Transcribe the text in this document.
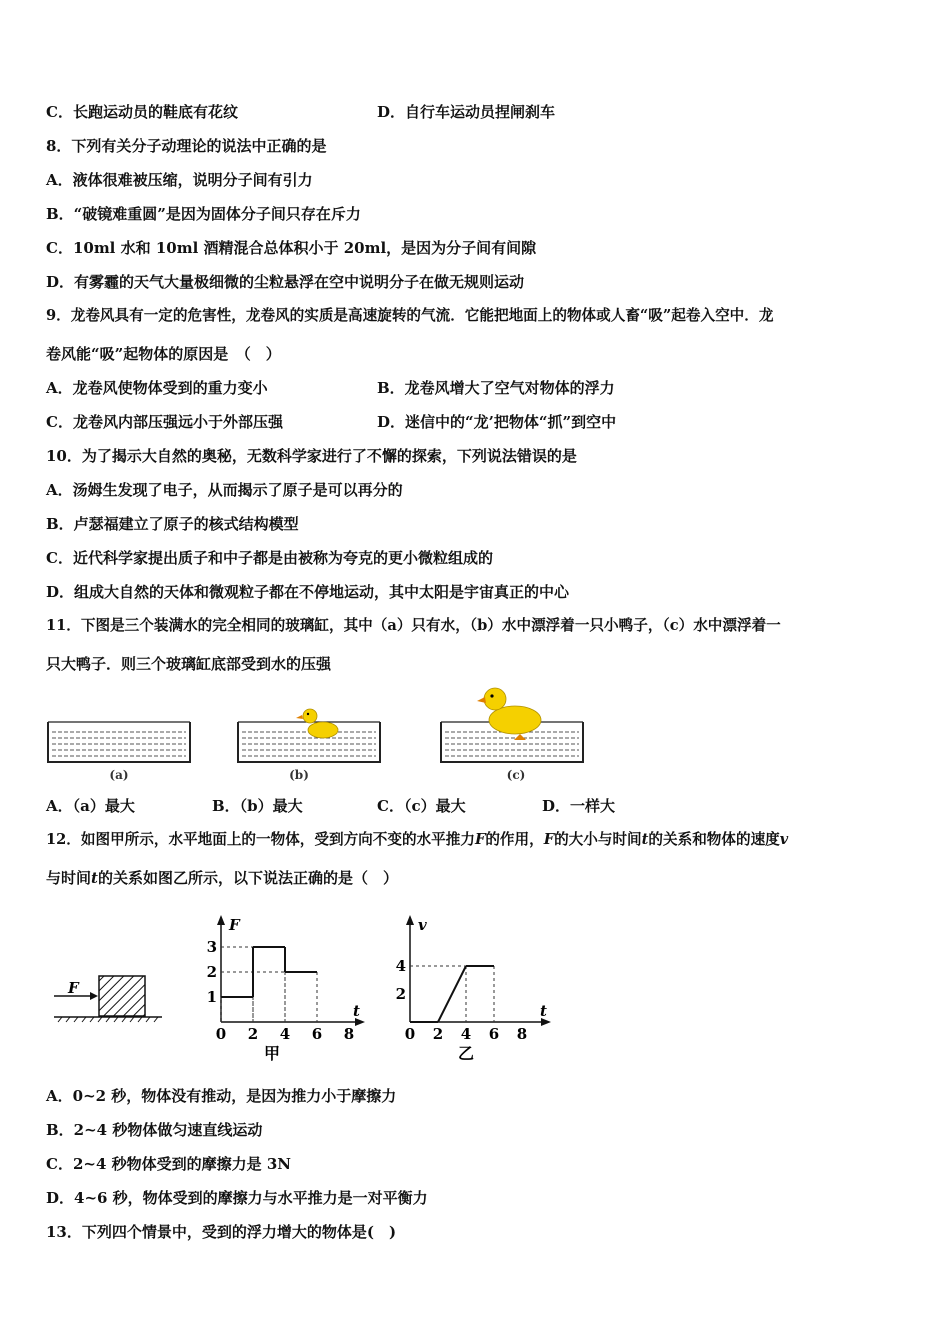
C．长跑运动员的鞋底有花纹	D．自行车运动员捏闸刹车
8．下列有关分子动理论的说法中正确的是
A．液体很难被压缩，说明分子间有引力
B．“破镜难重圆”是因为固体分子间只存在斥力
C．10ml 水和 10ml 酒精混合总体积小于 20ml，是因为分子间有间隙
D．有雾霾的天气大量极细微的尘粒悬浮在空中说明分子在做无规则运动
9．龙卷风具有一定的危害性，龙卷风的实质是高速旋转的气流．它能把地面上的物体或人畜“吸”起卷入空中．龙
卷风能“吸”起物体的原因是　（　）
A．龙卷风使物体受到的重力变小	B．龙卷风增大了空气对物体的浮力
C．龙卷风内部压强远小于外部压强	D．迷信中的“龙’把物体“抓”到空中
10．为了揭示大自然的奥秘，无数科学家进行了不懈的探索，下列说法错误的是
A．汤姆生发现了电子，从而揭示了原子是可以再分的
B．卢瑟福建立了原子的核式结构模型
C．近代科学家提出质子和中子都是由被称为夸克的更小微粒组成的
D．组成大自然的天体和微观粒子都在不停地运动，其中太阳是宇宙真正的中心
11．下图是三个装满水的完全相同的玻璃缸，其中（a）只有水，（b）水中漂浮着一只小鸭子，（c）水中漂浮着一
只大鸭子．则三个玻璃缸底部受到水的压强
(a)	(b)	(c)
A．（a）最大	B．（b）最大	C．（c）最大	D．一样大
12．如图甲所示，水平地面上的一物体，受到方向不变的水平推力F的作用，F的大小与时间t的关系和物体的速度v
与时间t的关系如图乙所示，以下说法正确的是（　）
F
0 2 4 6 8
1
2
3
F
t
甲
0 2 4 6 8
2
4
v
t
乙
A．0~2 秒，物体没有推动，是因为推力小于摩擦力
B．2~4 秒物体做匀速直线运动
C．2~4 秒物体受到的摩擦力是 3N
D．4~6 秒，物体受到的摩擦力与水平推力是一对平衡力
13．下列四个情景中，受到的浮力增大的物体是(　)
